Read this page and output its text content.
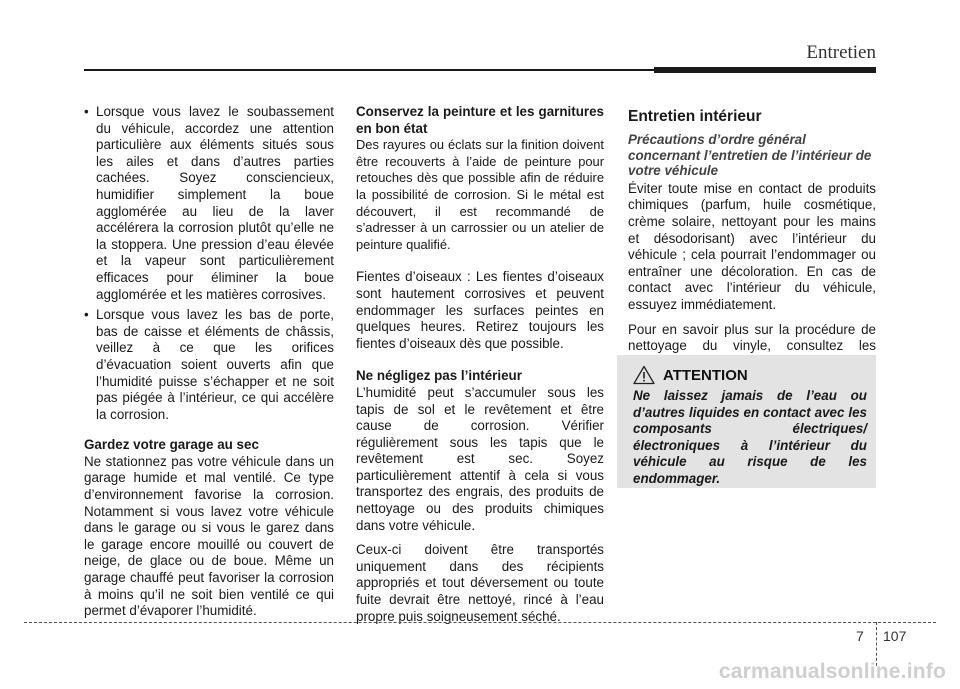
Entretien
• Lorsque vous lavez le soubassement du véhicule, accordez une attention particulière aux éléments situés sous les ailes et dans d’autres parties cachées. Soyez consciencieux, humidifier simplement la boue agglomérée au lieu de la laver accélérera la corrosion plutôt qu’elle ne la stoppera. Une pression d’eau élevée et la vapeur sont particulièrement efficaces pour éliminer la boue agglomérée et les matières corrosives.
• Lorsque vous lavez les bas de porte, bas de caisse et éléments de châssis, veillez à ce que les orifices d’évacuation soient ouverts afin que l’humidité puisse s’échapper et ne soit pas piégée à l’intérieur, ce qui accélère la corrosion.
Gardez votre garage au sec

Ne stationnez pas votre véhicule dans un garage humide et mal ventilé. Ce type d’environnement favorise la corrosion. Notamment si vous lavez votre véhicule dans le garage ou si vous le garez dans le garage encore mouillé ou couvert de neige, de glace ou de boue. Même un garage chauffé peut favoriser la corrosion à moins qu’il ne soit bien ventilé ce qui permet d’évaporer l’humidité.

Conservez la peinture et les garnitures en bon état

Des rayures ou éclats sur la finition doivent être recouverts à l’aide de peinture pour retouches dès que possible afin de réduire la possibilité de corrosion. Si le métal est découvert, il est recommandé de s’adresser à un carrossier ou un atelier de peinture qualifié.

Fientes d’oiseaux : Les fientes d’oiseaux sont hautement corrosives et peuvent endommager les surfaces peintes en quelques heures. Retirez toujours les fientes d’oiseaux dès que possible.

Ne négligez pas l’intérieur

L’humidité peut s’accumuler sous les tapis de sol et le revêtement et être cause de corrosion. Vérifier régulièrement sous les tapis que le revêtement est sec. Soyez particulièrement attentif à cela si vous transportez des engrais, des produits de nettoyage ou des produits chimiques dans votre véhicule.

Ceux-ci doivent être transportés uniquement dans des récipients appropriés et tout déversement ou toute fuite devrait être nettoyé, rincé à l’eau propre puis soigneusement séché.

Entretien intérieur
Précautions d’ordre général concernant l’entretien de l’intérieur de votre véhicule

Éviter toute mise en contact de produits chimiques (parfum, huile cosmétique, crème solaire, nettoyant pour les mains et désodorisant) avec l’intérieur du véhicule ; cela pourrait l’endommager ou entraîner une décoloration. En cas de contact avec l’intérieur du véhicule, essuyez immédiatement.

Pour en savoir plus sur la procédure de nettoyage du vinyle, consultez les

ATTENTION
Ne laissez jamais de l’eau ou d’autres liquides en contact avec les composants électriques/électroniques à l’intérieur du véhicule au risque de les endommager.
7 107
carmanualsonline.info
